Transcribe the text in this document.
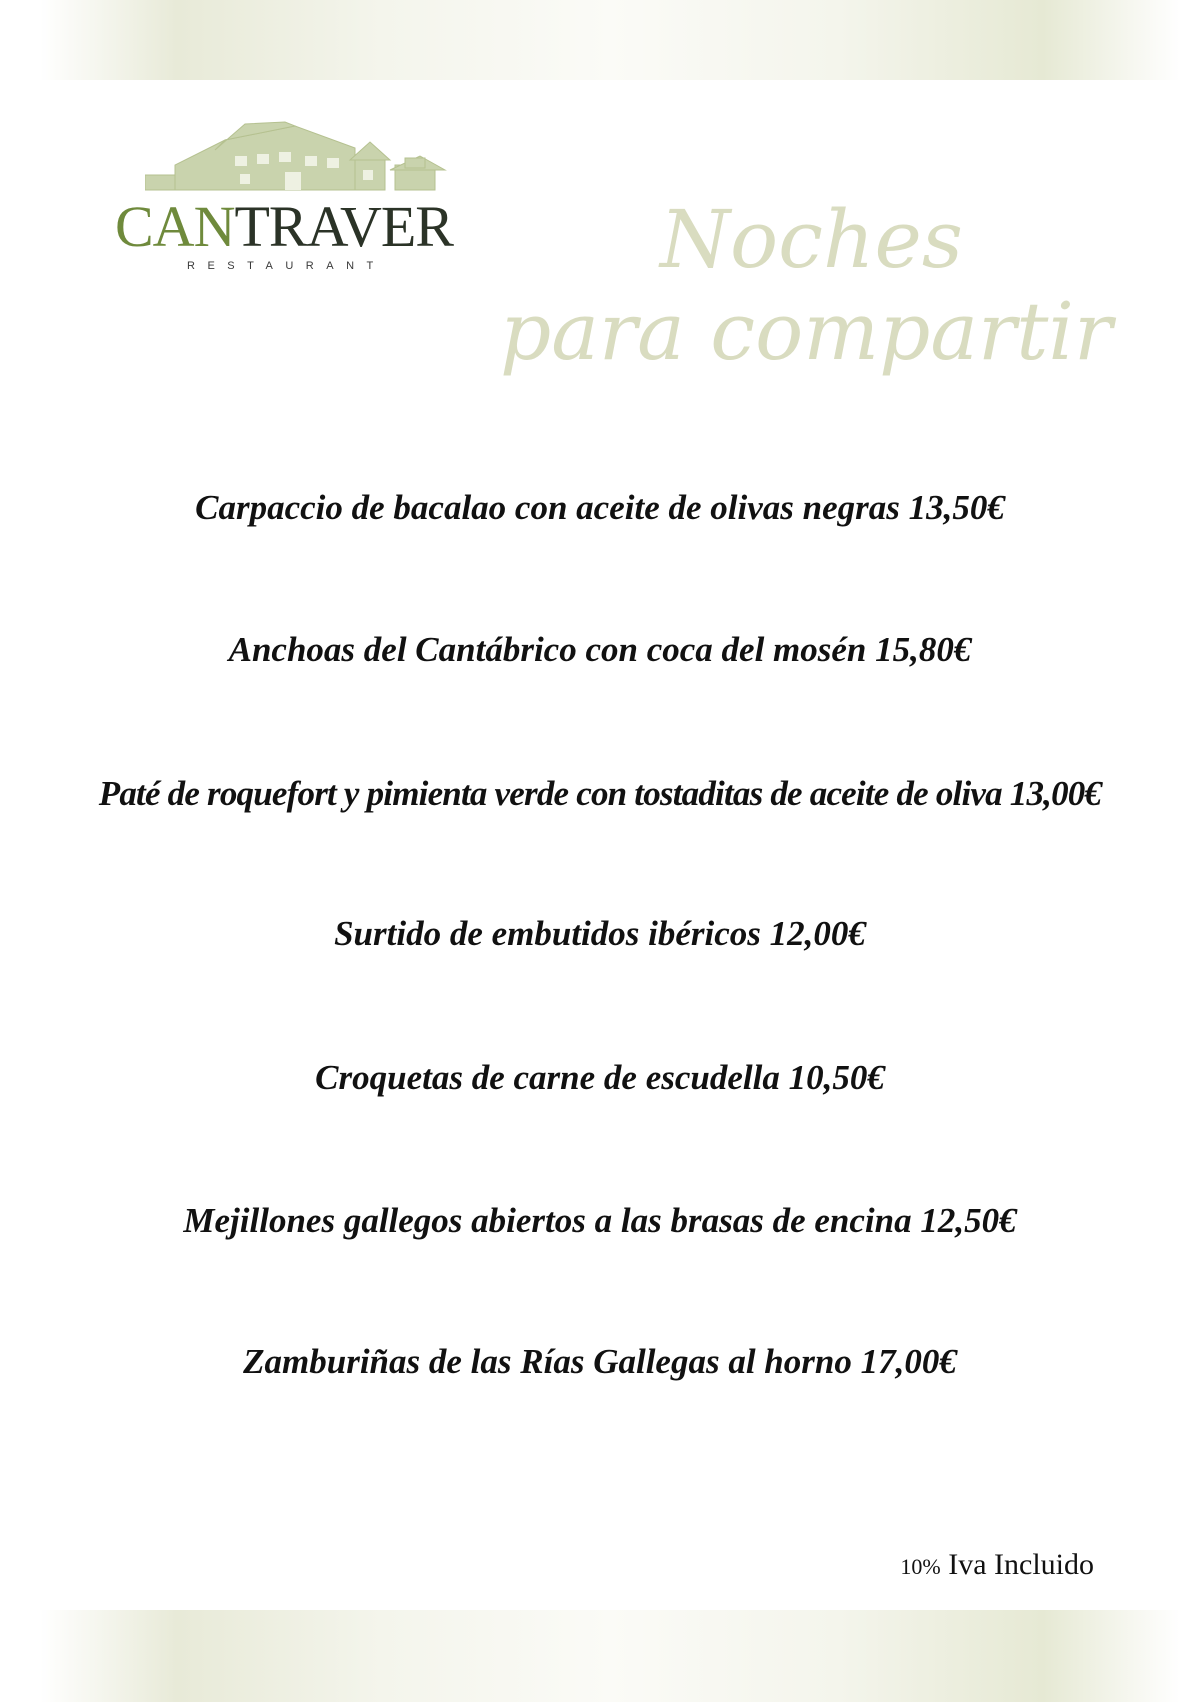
CANTRAVER
RESTAURANT	Noches
para compartir
Carpaccio de bacalao con aceite de olivas negras 13,50€
Anchoas del Cantábrico con coca del mosén 15,80€
Paté de roquefort y pimienta verde con tostaditas de aceite de oliva 13,00€
Surtido de embutidos ibéricos 12,00€
Croquetas de carne de escudella 10,50€
Mejillones gallegos abiertos a las brasas de encina 12,50€
Zamburiñas de las Rías Gallegas al horno 17,00€
10% Iva Incluido
